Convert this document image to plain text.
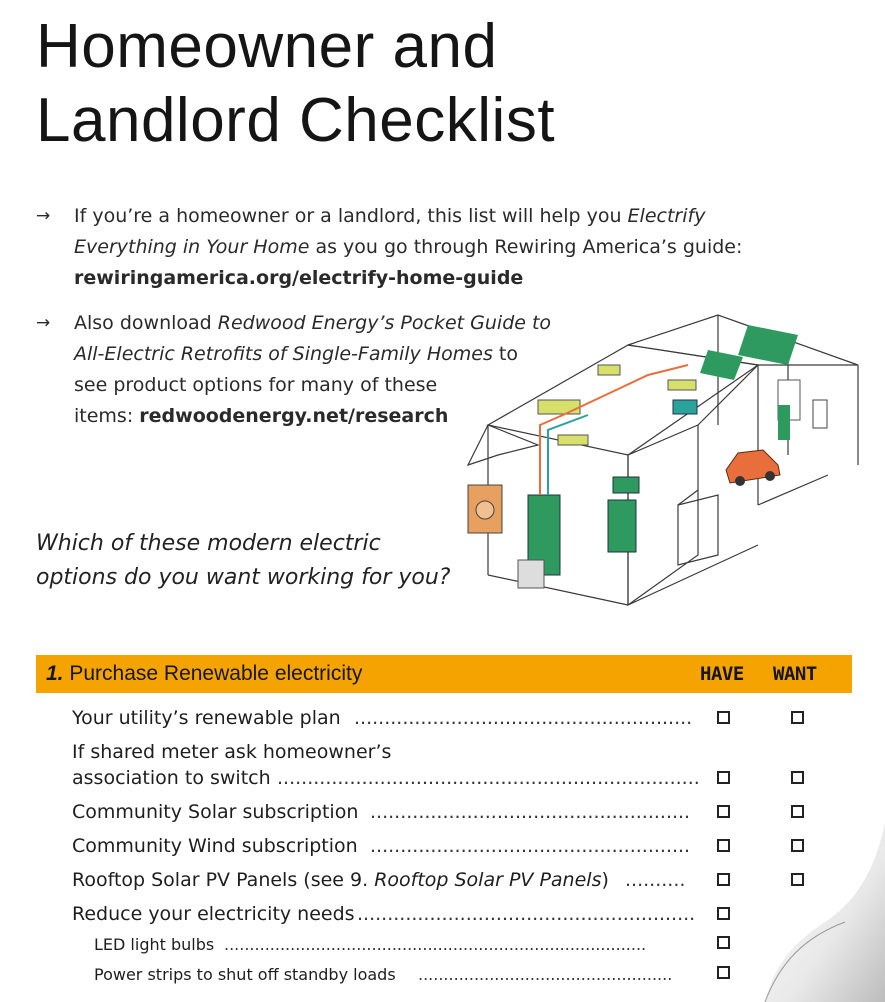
Homeowner and
Landlord Checklist
→ If you’re a homeowner or a landlord, this list will help you Electrify
Everything in Your Home as you go through Rewiring America’s guide:
rewiringamerica.org/electrify-home-guide
→ Also download Redwood Energy’s Pocket Guide to
All-Electric Retrofits of Single-Family Homes to
see product options for many of these
items: redwoodenergy.net/research
Which of these modern electric
options do you want working for you?
1. Purchase Renewable electricity	HAVE WANT
Your utility’s renewable plan ........................................................
If shared meter ask homeowner’s
association to switch ......................................................................
Community Solar subscription .....................................................
Community Wind subscription .....................................................
Rooftop Solar PV Panels (see 9. Rooftop Solar PV Panels) ..........
Reduce your electricity needs ........................................................
LED light bulbs ...................................................................................
Power strips to shut off standby loads ..................................................
